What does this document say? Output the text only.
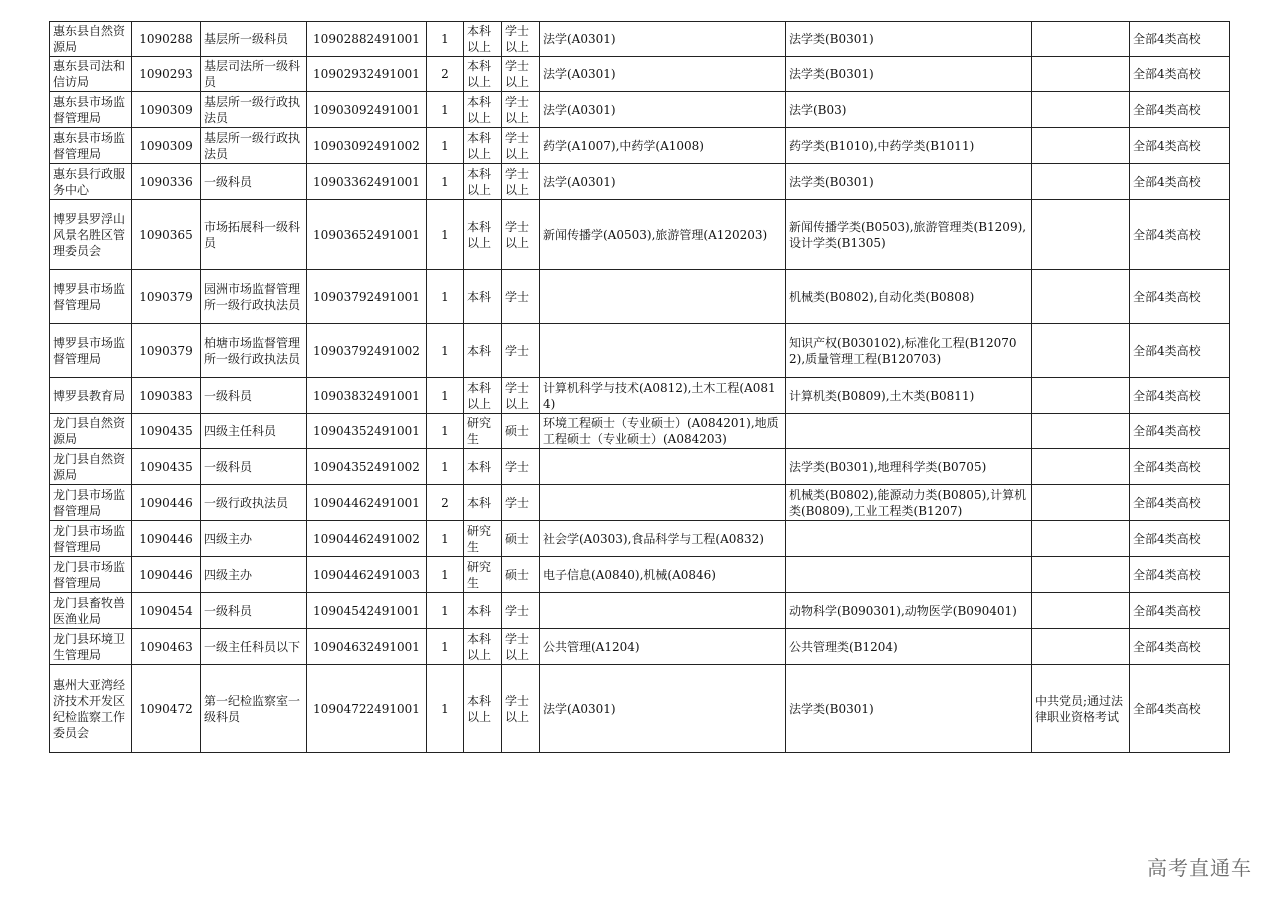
惠东县自然资源局	1090288	基层所一级科员	10902882491001	1	本科以上	学士以上	法学(A0301)	法学类(B0301)		全部4类高校
惠东县司法和信访局	1090293	基层司法所一级科员	10902932491001	2	本科以上	学士以上	法学(A0301)	法学类(B0301)		全部4类高校
惠东县市场监督管理局	1090309	基层所一级行政执法员	10903092491001	1	本科以上	学士以上	法学(A0301)	法学(B03)		全部4类高校
惠东县市场监督管理局	1090309	基层所一级行政执法员	10903092491002	1	本科以上	学士以上	药学(A1007),中药学(A1008)	药学类(B1010),中药学类(B1011)		全部4类高校
惠东县行政服务中心	1090336	一级科员	10903362491001	1	本科以上	学士以上	法学(A0301)	法学类(B0301)		全部4类高校
博罗县罗浮山风景名胜区管理委员会	1090365	市场拓展科一级科员	10903652491001	1	本科以上	学士以上	新闻传播学(A0503),旅游管理(A120203)	新闻传播学类(B0503),旅游管理类(B1209),设计学类(B1305)		全部4类高校
博罗县市场监督管理局	1090379	园洲市场监督管理所一级行政执法员	10903792491001	1	本科	学士		机械类(B0802),自动化类(B0808)		全部4类高校
博罗县市场监督管理局	1090379	柏塘市场监督管理所一级行政执法员	10903792491002	1	本科	学士		知识产权(B030102),标准化工程(B120702),质量管理工程(B120703)		全部4类高校
博罗县教育局	1090383	一级科员	10903832491001	1	本科以上	学士以上	计算机科学与技术(A0812),土木工程(A0814)	计算机类(B0809),土木类(B0811)		全部4类高校
龙门县自然资源局	1090435	四级主任科员	10904352491001	1	研究生	硕士	环境工程硕士（专业硕士）(A084201),地质工程硕士（专业硕士）(A084203)			全部4类高校
龙门县自然资源局	1090435	一级科员	10904352491002	1	本科	学士		法学类(B0301),地理科学类(B0705)		全部4类高校
龙门县市场监督管理局	1090446	一级行政执法员	10904462491001	2	本科	学士		机械类(B0802),能源动力类(B0805),计算机类(B0809),工业工程类(B1207)		全部4类高校
龙门县市场监督管理局	1090446	四级主办	10904462491002	1	研究生	硕士	社会学(A0303),食品科学与工程(A0832)			全部4类高校
龙门县市场监督管理局	1090446	四级主办	10904462491003	1	研究生	硕士	电子信息(A0840),机械(A0846)			全部4类高校
龙门县畜牧兽医渔业局	1090454	一级科员	10904542491001	1	本科	学士		动物科学(B090301),动物医学(B090401)		全部4类高校
龙门县环境卫生管理局	1090463	一级主任科员以下	10904632491001	1	本科以上	学士以上	公共管理(A1204)	公共管理类(B1204)		全部4类高校
惠州大亚湾经济技术开发区纪检监察工作委员会	1090472	第一纪检监察室一级科员	10904722491001	1	本科以上	学士以上	法学(A0301)	法学类(B0301)	中共党员;通过法律职业资格考试	全部4类高校
高考直通车
